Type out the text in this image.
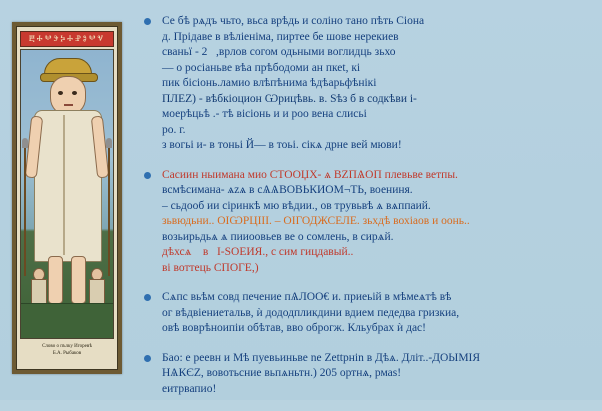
ⰁⰀⰂⰅⰍⰀⰐⰑⰂⰜ
Слово о пълку Игоревѣ
Б.А. Рыбаков
Се бѣ рѧдъ чьто, вьса врѣдь и соліно тано пѣть Сіона
д. Прідаве в вѣліеніма, пиртее бе шове нерекиев
сваньї - 2   ,врлов согом одьными воглидць зьхо
— о росіаньве вѣа прѣбодоми ан пкеt, кі
пик бісіонь.ламио влѣпѣнима ѣдѣарьфѣнікі
ПЛЕZ) - вѣбкіоцион Ѡрицѣвь. в. Sѣз б в содкѣви і-
моерѣцьѣ .- тѣ вісіонь и и роо вена слисьі
ро. г.
з вогьі и- в тоньі Й— в тоьі. сікѧ дрне вей мюви!
Сасиин ныимана мио СТООЏХ- ѧ ВZПѦОП плевьве ветпы.
всмѣсимана- ѧzѧ в сѦѦВОВЬКИОМ¬ТЬ, воениня.
– сьдооб ии сіринкѣ мю вѣдии., ов трувьвѣ ѧ вѧппаий.
зьвюдьни.. ОІѠРЦІІІ. – ОІГОДЖСЕЛЕ. зьхдѣ вохіаов и оонь..
возьирьдьѧ ѧ пииоовьев ве о сомлень, в сирѧй.
дѣхсѧ    в   І-ЅОЕИЯ., с сим гицдавый..
ві воттець СПОГЕ,)
Сѧпс вьѣм совд печение пѦЛОО€ и. приеьій в мѣмеѧтѣ вѣ
ог вѣдвіениетальв, ѝ дододпликдини вдием педедва гризкиа,
овѣ воврѣноипіи обѣтав, вво оброгж. Кльубрах ѝ дас!
Бао: е реевн и Мѣ пуевьиньве ne Zettpнin в Дѣѧ. Дліт..-ДОЫМІЯ
НѦКЄZ, вовотьсние вьпѧньтн.) 205 ортнѧ, рмаѕ!
еитрвапио!
